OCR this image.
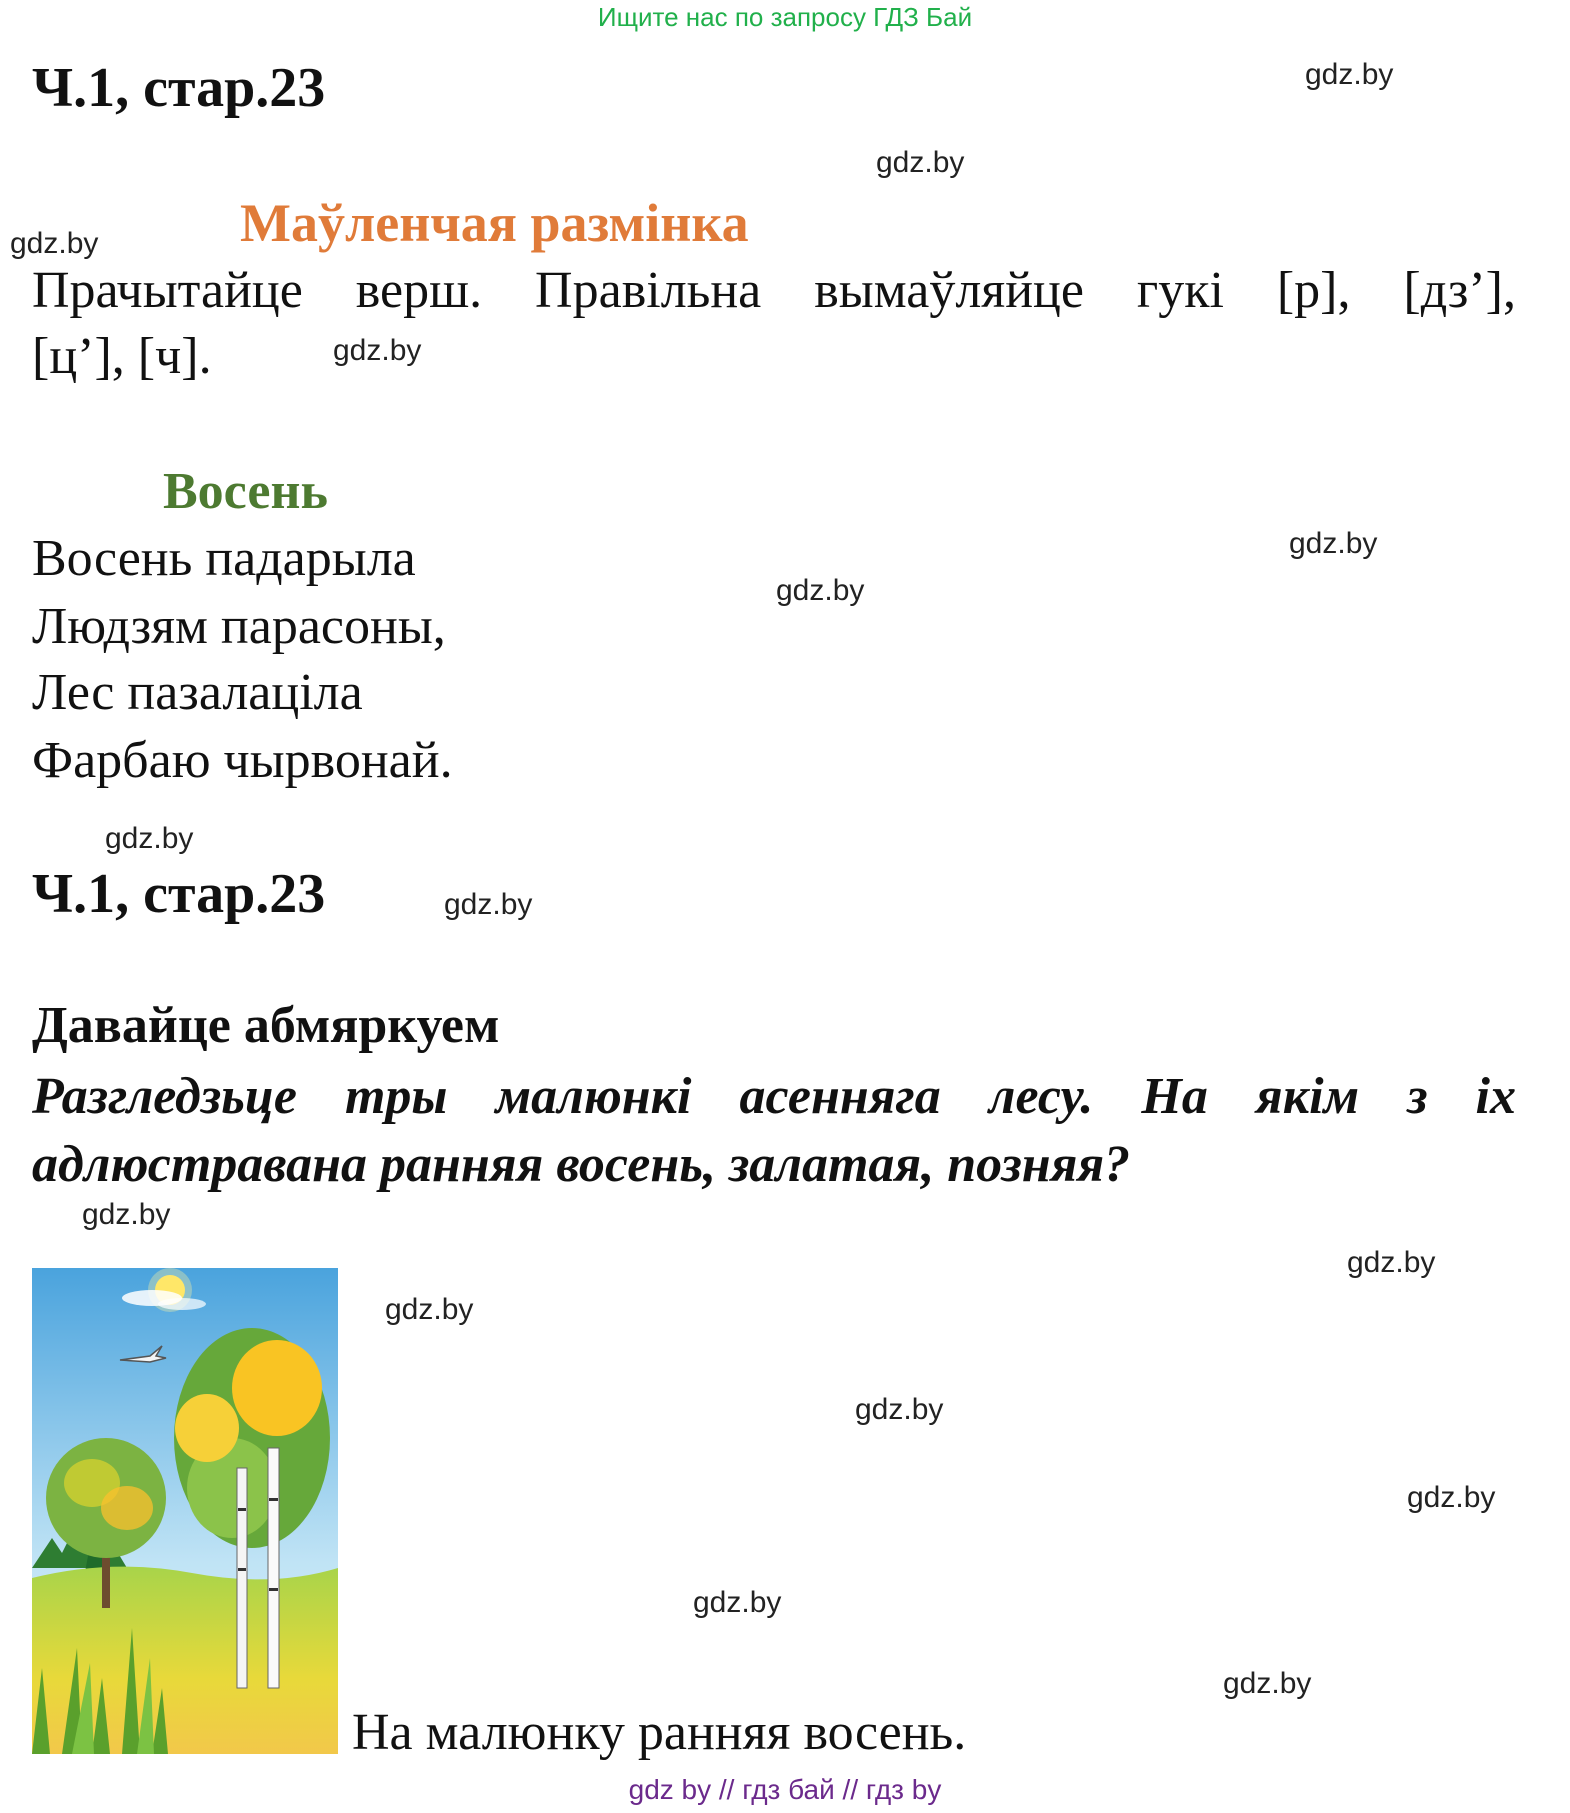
Ищите нас по запросу ГДЗ Бай
Ч.1, стар.23
Маўленчая размінка
Прачытайце верш. Правільна вымаўляйце гукі [р], [дз’],
[ц’], [ч].
Восень
Восень падарыла
Людзям парасоны,
Лес пазалаціла
Фарбаю чырвонай.
Ч.1, стар.23
Давайце абмяркуем
Разгледзьце тры малюнкі асенняга лесу. На якім з іх
адлюстравана ранняя восень, залатая, позняя?
На малюнку ранняя восень.
gdz.by
gdz.by
gdz.by
gdz.by
gdz.by
gdz.by
gdz.by
gdz.by
gdz.by
gdz.by
gdz.by
gdz.by
gdz.by
gdz.by
gdz.by
gdz by // гдз бай // гдз by
